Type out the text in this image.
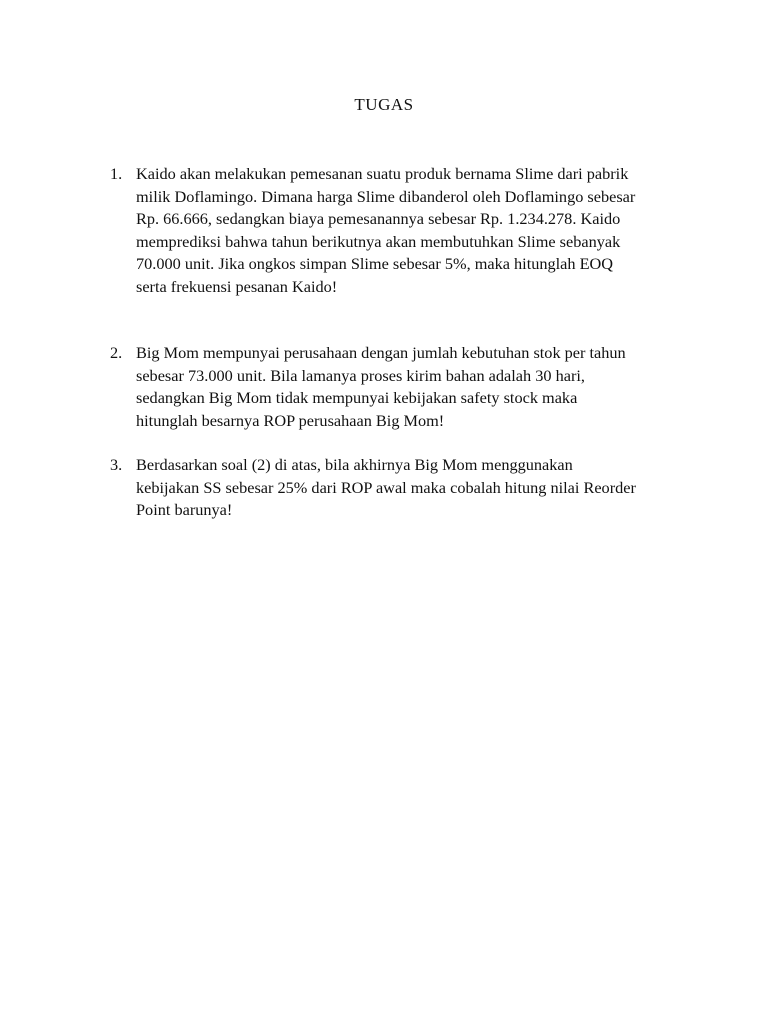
TUGAS
1. Kaido akan melakukan pemesanan suatu produk bernama Slime dari pabrik
milik Doflamingo. Dimana harga Slime dibanderol oleh Doflamingo sebesar
Rp. 66.666, sedangkan biaya pemesanannya sebesar Rp. 1.234.278. Kaido
memprediksi bahwa tahun berikutnya akan membutuhkan Slime sebanyak
70.000 unit. Jika ongkos simpan Slime sebesar 5%, maka hitunglah EOQ
serta frekuensi pesanan Kaido!
2. Big Mom mempunyai perusahaan dengan jumlah kebutuhan stok per tahun
sebesar 73.000 unit. Bila lamanya proses kirim bahan adalah 30 hari,
sedangkan Big Mom tidak mempunyai kebijakan safety stock maka
hitunglah besarnya ROP perusahaan Big Mom!
3. Berdasarkan soal (2) di atas, bila akhirnya Big Mom menggunakan
kebijakan SS sebesar 25% dari ROP awal maka cobalah hitung nilai Reorder
Point barunya!
